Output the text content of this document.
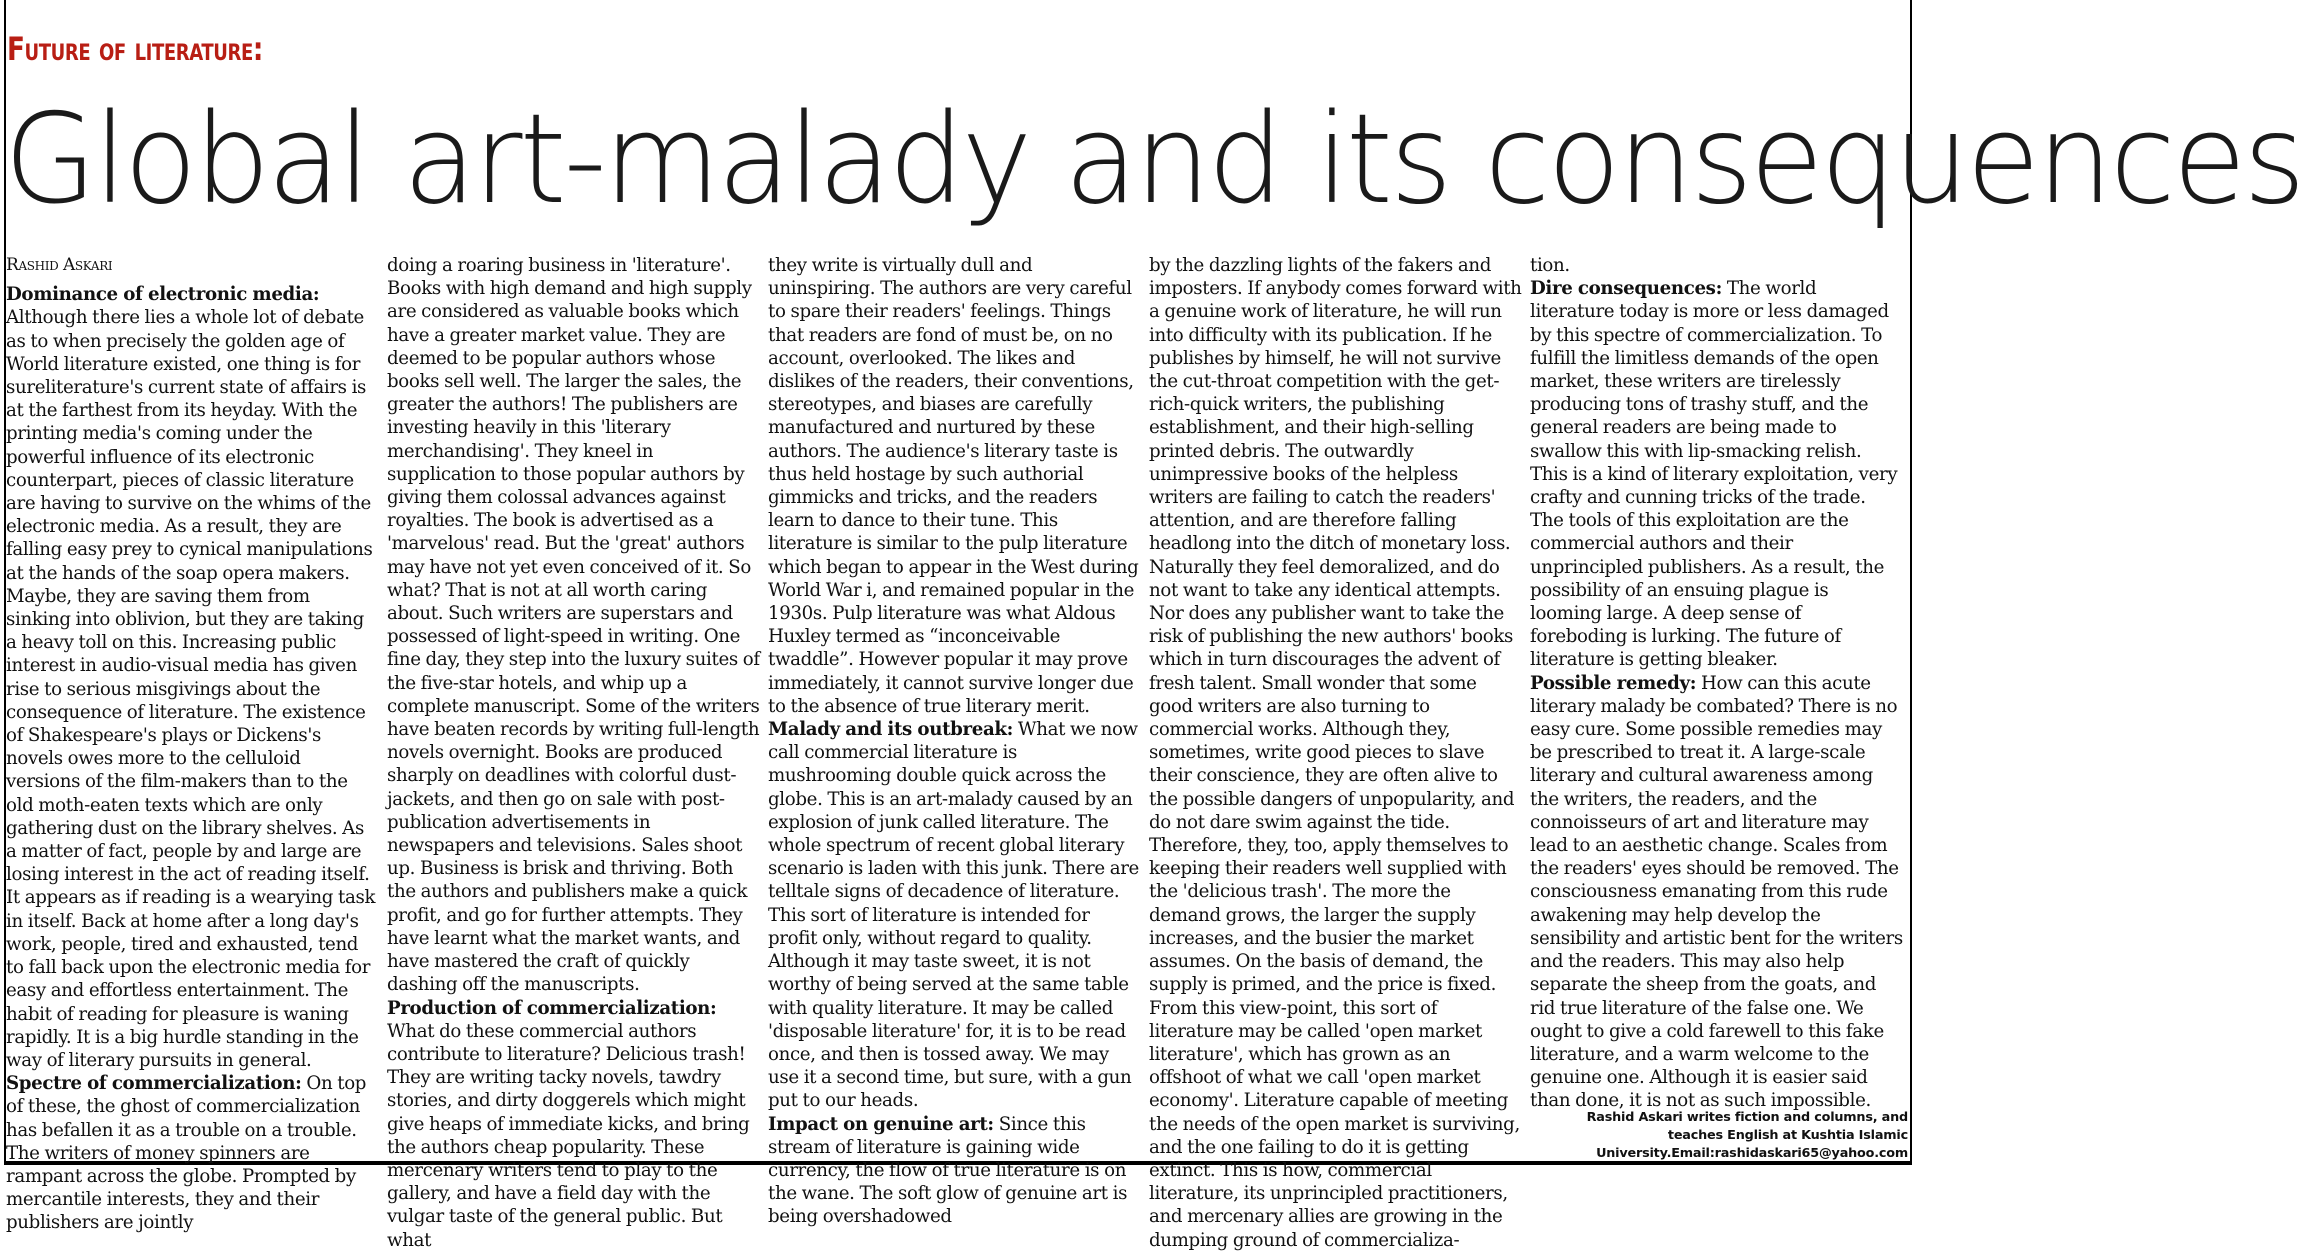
Future of literature:
Global art-malady and its consequences
Rashid Askari

Dominance of electronic media: Although there lies a whole lot of debate as to when precisely the golden age of World literature existed, one thing is for sureliterature's current state of affairs is at the farthest from its heyday. With the printing media's coming under the powerful influence of its electronic counterpart, pieces of classic literature are having to survive on the whims of the electronic media. As a result, they are falling easy prey to cynical manipulations at the hands of the soap opera makers. Maybe, they are saving them from sinking into oblivion, but they are taking a heavy toll on this. Increasing public interest in audio-visual media has given rise to serious misgivings about the consequence of literature. The existence of Shakespeare's plays or Dickens's novels owes more to the celluloid versions of the film-makers than to the old moth-eaten texts which are only gathering dust on the library shelves. As a matter of fact, people by and large are losing interest in the act of reading itself. It appears as if reading is a wearying task in itself. Back at home after a long day's work, people, tired and exhausted, tend to fall back upon the electronic media for easy and effortless entertainment. The habit of reading for pleasure is waning rapidly. It is a big hurdle standing in the way of literary pursuits in general.

Spectre of commercialization: On top of these, the ghost of commercialization has befallen it as a trouble on a trouble. The writers of money spinners are rampant across the globe. Prompted by mercantile interests, they and their publishers are jointly

doing a roaring business in 'literature'. Books with high demand and high supply are considered as valuable books which have a greater market value. They are deemed to be popular authors whose books sell well. The larger the sales, the greater the authors! The publishers are investing heavily in this 'literary merchandising'. They kneel in supplication to those popular authors by giving them colossal advances against royalties. The book is advertised as a 'marvelous' read. But the 'great' authors may have not yet even conceived of it. So what? That is not at all worth caring about. Such writers are superstars and possessed of light-speed in writing. One fine day, they step into the luxury suites of the five-star hotels, and whip up a complete manuscript. Some of the writers have beaten records by writing full-length novels overnight. Books are produced sharply on deadlines with colorful dust-jackets, and then go on sale with post-publication advertisements in newspapers and televisions. Sales shoot up. Business is brisk and thriving. Both the authors and publishers make a quick profit, and go for further attempts. They have learnt what the market wants, and have mastered the craft of quickly dashing off the manuscripts.

Production of commercialization: What do these commercial authors contribute to literature? Delicious trash! They are writing tacky novels, tawdry stories, and dirty doggerels which might give heaps of immediate kicks, and bring the authors cheap popularity. These mercenary writers tend to play to the gallery, and have a field day with the vulgar taste of the general public. But what

they write is virtually dull and uninspiring. The authors are very careful to spare their readers' feelings. Things that readers are fond of must be, on no account, overlooked. The likes and dislikes of the readers, their conventions, stereotypes, and biases are carefully manufactured and nurtured by these authors. The audience's literary taste is thus held hostage by such authorial gimmicks and tricks, and the readers learn to dance to their tune. This literature is similar to the pulp literature which began to appear in the West during World War i, and remained popular in the 1930s. Pulp literature was what Aldous Huxley termed as “inconceivable twaddle”. However popular it may prove immediately, it cannot survive longer due to the absence of true literary merit.

Malady and its outbreak: What we now call commercial literature is mushrooming double quick across the globe. This is an art-malady caused by an explosion of junk called literature. The whole spectrum of recent global literary scenario is laden with this junk. There are telltale signs of decadence of literature. This sort of literature is intended for profit only, without regard to quality. Although it may taste sweet, it is not worthy of being served at the same table with quality literature. It may be called 'disposable literature' for, it is to be read once, and then is tossed away. We may use it a second time, but sure, with a gun put to our heads.

Impact on genuine art: Since this stream of literature is gaining wide currency, the flow of true literature is on the wane. The soft glow of genuine art is being overshadowed

by the dazzling lights of the fakers and imposters. If anybody comes forward with a genuine work of literature, he will run into difficulty with its publication. If he publishes by himself, he will not survive the cut-throat competition with the get-rich-quick writers, the publishing establishment, and their high-selling printed debris. The outwardly unimpressive books of the helpless writers are failing to catch the readers' attention, and are therefore falling headlong into the ditch of monetary loss. Naturally they feel demoralized, and do not want to take any identical attempts. Nor does any publisher want to take the risk of publishing the new authors' books which in turn discourages the advent of fresh talent. Small wonder that some good writers are also turning to commercial works. Although they, sometimes, write good pieces to slave their conscience, they are often alive to the possible dangers of unpopularity, and do not dare swim against the tide. Therefore, they, too, apply themselves to keeping their readers well supplied with the 'delicious trash'. The more the demand grows, the larger the supply increases, and the busier the market assumes. On the basis of demand, the supply is primed, and the price is fixed. From this view-point, this sort of literature may be called 'open market literature', which has grown as an offshoot of what we call 'open market economy'. Literature capable of meeting the needs of the open market is surviving, and the one failing to do it is getting extinct. This is how, commercial literature, its unprincipled practitioners, and mercenary allies are growing in the dumping ground of commercializa-

tion.

Dire consequences: The world literature today is more or less damaged by this spectre of commercialization. To fulfill the limitless demands of the open market, these writers are tirelessly producing tons of trashy stuff, and the general readers are being made to swallow this with lip-smacking relish. This is a kind of literary exploitation, very crafty and cunning tricks of the trade. The tools of this exploitation are the commercial authors and their unprincipled publishers. As a result, the possibility of an ensuing plague is looming large. A deep sense of foreboding is lurking. The future of literature is getting bleaker.

Possible remedy: How can this acute literary malady be combated? There is no easy cure. Some possible remedies may be prescribed to treat it. A large-scale literary and cultural awareness among the writers, the readers, and the connoisseurs of art and literature may lead to an aesthetic change. Scales from the readers' eyes should be removed. The consciousness emanating from this rude awakening may help develop the sensibility and artistic bent for the writers and the readers. This may also help separate the sheep from the goats, and rid true literature of the false one. We ought to give a cold farewell to this fake literature, and a warm welcome to the genuine one. Although it is easier said than done, it is not as such impossible.

Rashid Askari writes fiction and columns, and teaches English at Kushtia Islamic University.Email:rashidaskari65@yahoo.com
